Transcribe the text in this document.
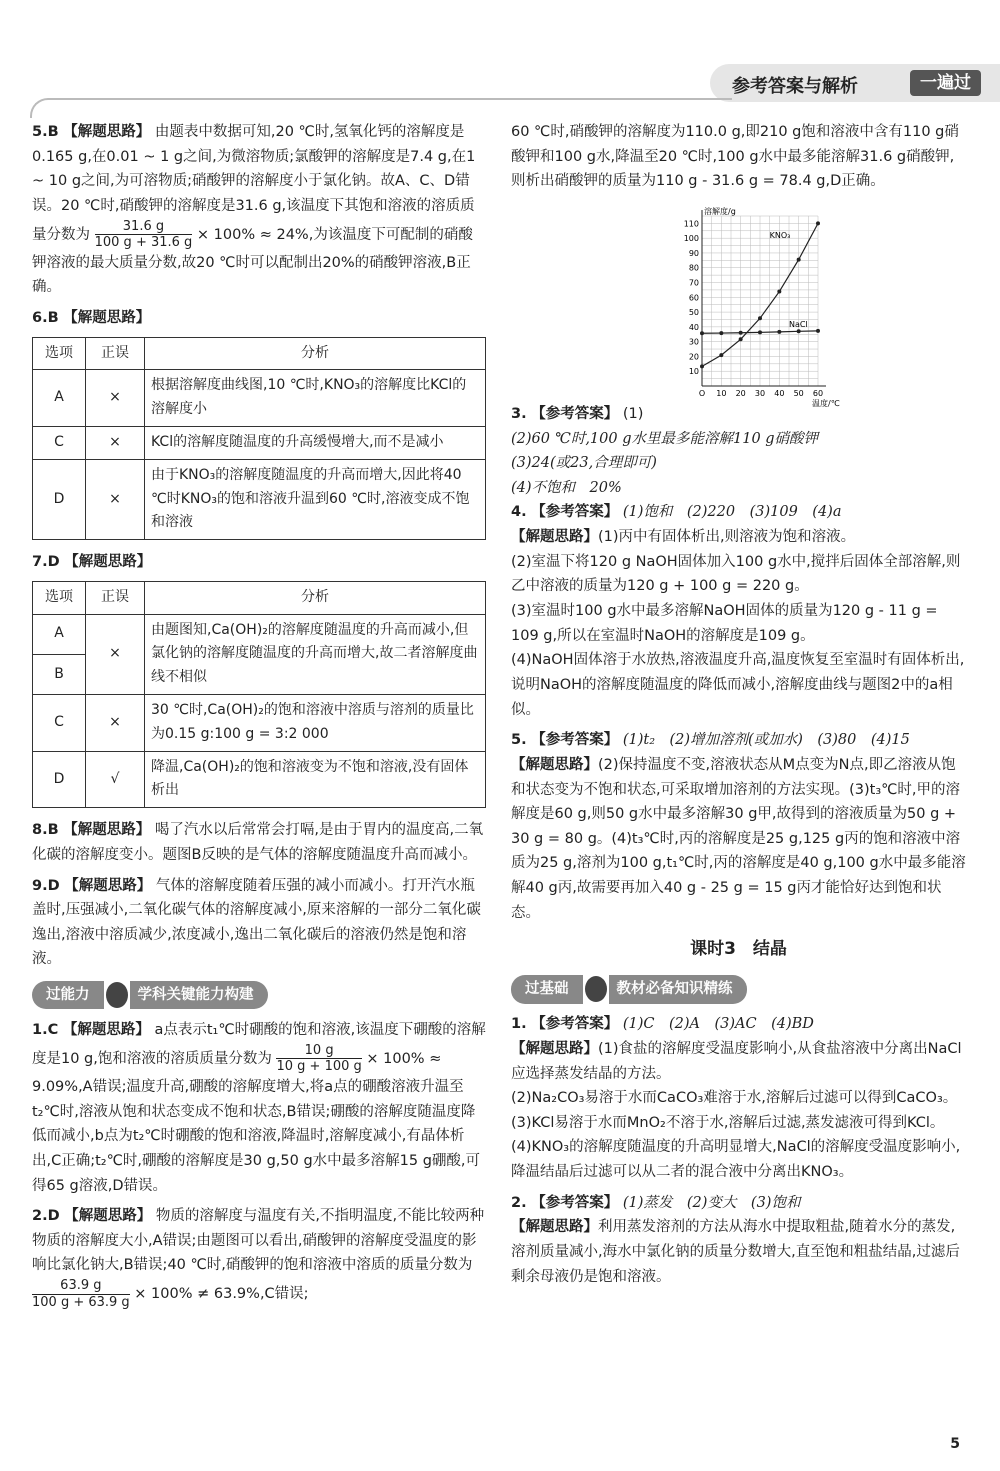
参考答案与解析	一遍过
5.B 【解题思路】 由题表中数据可知,20 ℃时,氢氧化钙的溶解度是0.165 g,在0.01 ~ 1 g之间,为微溶物质;氯酸钾的溶解度是7.4 g,在1 ~ 10 g之间,为可溶物质;硝酸钾的溶解度小于氯化钠。故A、C、D错误。20 ℃时,硝酸钾的溶解度是31.6 g,该温度下其饱和溶液的溶质质量分数为 $\frac{31.6 g}{100 g + 31.6 g} \times 100\% \approx 24\%$,为该温度下可配制的硝酸钾溶液的最大质量分数,故20 ℃时可以配制出20%的硝酸钾溶液,B正确。
6.B 【解题思路】
选项	正误	分析
A	×	根据溶解度曲线图,10 ℃时,KNO₃的溶解度比KCl的溶解度小
C	×	KCl的溶解度随温度的升高缓慢增大,而不是减小
D	×	由于KNO₃的溶解度随温度的升高而增大,因此将40 ℃时KNO₃的饱和溶液升温到60 ℃时,溶液变成不饱和溶液
7.D 【解题思路】
选项	正误	分析
A	×	由题图知,Ca(OH)₂的溶解度随温度的升高而减小,但氯化钠的溶解度随温度的升高而增大,故二者溶解度曲线不相似
B		
C	×	30 ℃时,Ca(OH)₂的饱和溶液中溶质与溶剂的质量比为0.15 g:100 g = 3:2 000
D	√	降温,Ca(OH)₂的饱和溶液变为不饱和溶液,没有固体析出
8.B 【解题思路】 喝了汽水以后常常会打嗝,是由于胃内的温度高,二氧化碳的溶解度变小。题图B反映的是气体的溶解度随温度升高而减小。
9.D 【解题思路】 气体的溶解度随着压强的减小而减小。打开汽水瓶盖时,压强减小,二氧化碳气体的溶解度减小,原来溶解的一部分二氧化碳逸出,溶液中溶质减少,浓度减小,逸出二氧化碳后的溶液仍然是饱和溶液。
过能力	学科关键能力构建
1.C 【解题思路】 a点表示t₁℃时硼酸的饱和溶液,该温度下硼酸的溶解度是10 g,饱和溶液的溶质质量分数为 $\frac{10 g}{10 g + 100 g} \times 100\% \approx 9.09\%,A$错误;温度升高,硼酸的溶解度增大,将a点的硼酸溶液升温至t₂℃时,溶液从饱和状态变成不饱和状态,B错误;硼酸的溶解度随温度降低而减小,b点为t₂℃时硼酸的饱和溶液,降温时,溶解度减小,有晶体析出,C正确;t₂℃时,硼酸的溶解度是30 g,50 g水中最多溶解15 g硼酸,可得65 g溶液,D错误。
2.D 【解题思路】 物质的溶解度与温度有关,不指明温度,不能比较两种物质的溶解度大小,A错误;由题图可以看出,硝酸钾的溶解度受温度的影响比氯化钠大,B错误;40 ℃时,硝酸钾的饱和溶液中溶质的质量分数为
$\frac{63.9 g}{100 g + 63.9 g} \times 100\% \ne 63.9\%,C$错误;

60 ℃时,硝酸钾的溶解度为110.0 g,即210 g饱和溶液中含有110 g硝酸钾和100 g水,降温至20 ℃时,100 g水中最多能溶解31.6 g硝酸钾,则析出硝酸钾的质量为110 g - 31.6 g = 78.4 g,D正确。

3. 【参考答案】 (1)
10
20
30
40
50
60
70
80
90
100
110
O 10 20 30 40 50 60
溶解度/g
温度/℃
KNO₃
NaCl

(2)60 ℃时,100 g水里最多能溶解110 g硝酸钾

(3)24(或23,合理即可)

(4)不饱和　20%

4. 【参考答案】 (1)饱和　(2)220　(3)109　(4)a
【解题思路】(1)丙中有固体析出,则溶液为饱和溶液。

(2)室温下将120 g NaOH固体加入100 g水中,搅拌后固体全部溶解,则乙中溶液的质量为120 g + 100 g = 220 g。

(3)室温时100 g水中最多溶解NaOH固体的质量为120 g - 11 g = 109 g,所以在室温时NaOH的溶解度是109 g。

(4)NaOH固体溶于水放热,溶液温度升高,温度恢复至室温时有固体析出,说明NaOH的溶解度随温度的降低而减小,溶解度曲线与题图2中的a相似。

5. 【参考答案】 (1)t₂　(2)增加溶剂(或加水)　(3)80　(4)15
【解题思路】(2)保持温度不变,溶液状态从M点变为N点,即乙溶液从饱和状态变为不饱和状态,可采取增加溶剂的方法实现。(3)t₃℃时,甲的溶解度是60 g,则50 g水中最多溶解30 g甲,故得到的溶液质量为50 g + 30 g = 80 g。(4)t₃℃时,丙的溶解度是25 g,125 g丙的饱和溶液中溶质为25 g,溶剂为100 g,t₁℃时,丙的溶解度是40 g,100 g水中最多能溶解40 g丙,故需要再加入40 g - 25 g = 15 g丙才能恰好达到饱和状态。
课时3　结晶
过基础	教材必备知识精练
1. 【参考答案】 (1)C　(2)A　(3)AC　(4)BD
【解题思路】(1)食盐的溶解度受温度影响小,从食盐溶液中分离出NaCl应选择蒸发结晶的方法。

(2)Na₂CO₃易溶于水而CaCO₃难溶于水,溶解后过滤可以得到CaCO₃。

(3)KCl易溶于水而MnO₂不溶于水,溶解后过滤,蒸发滤液可得到KCl。

(4)KNO₃的溶解度随温度的升高明显增大,NaCl的溶解度受温度影响小,降温结晶后过滤可以从二者的混合液中分离出KNO₃。

2. 【参考答案】 (1)蒸发　(2)变大　(3)饱和
【解题思路】利用蒸发溶剂的方法从海水中提取粗盐,随着水分的蒸发,溶剂质量减小,海水中氯化钠的质量分数增大,直至饱和粗盐结晶,过滤后剩余母液仍是饱和溶液。
5
